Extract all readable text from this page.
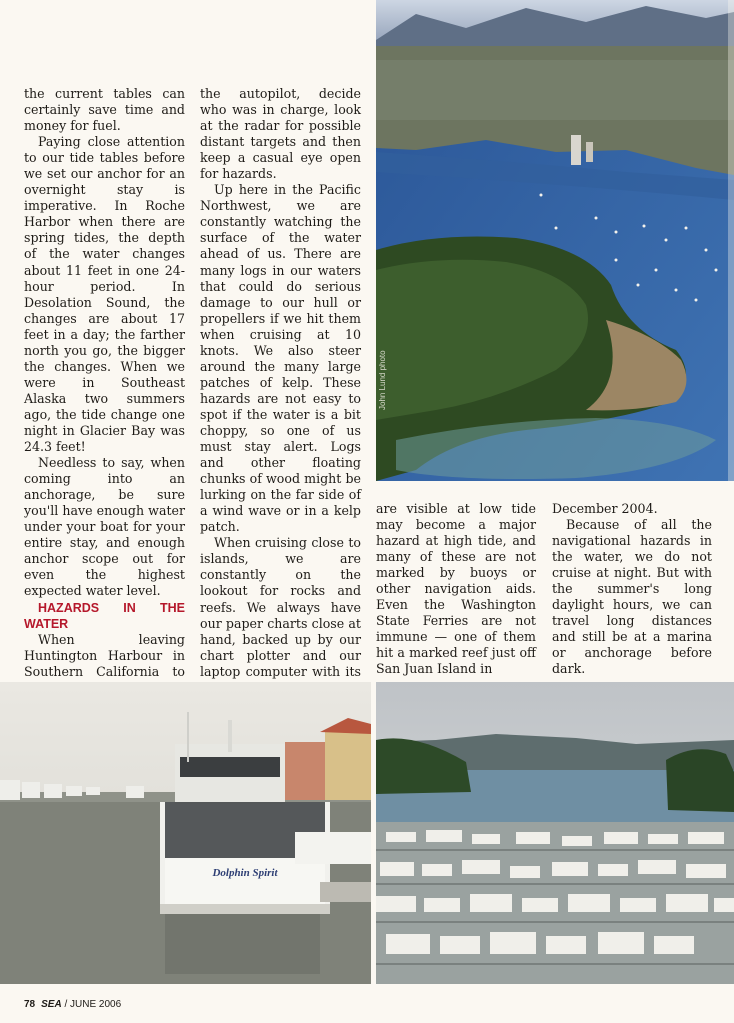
the current tables can certainly save time and money for fuel.

Paying close attention to our tide tables before we set our anchor for an overnight stay is imperative. In Roche Harbor when there are spring tides, the depth of the water changes about 11 feet in one 24-hour period. In Desolation Sound, the changes are about 17 feet in a day; the farther north you go, the bigger the changes. When we were in Southeast Alaska two summers ago, the tide change one night in Glacier Bay was 24.3 feet!

Needless to say, when coming into an anchorage, be sure you'll have enough water under your boat for your entire stay, and enough anchor scope out for even the highest expected water level.

HAZARDS IN THE WATER

When leaving Huntington Harbour in Southern California to

the autopilot, decide who was in charge, look at the radar for possible distant targets and then keep a casual eye open for hazards.

Up here in the Pacific Northwest, we are constantly watching the surface of the water ahead of us. There are many logs in our waters that could do serious damage to our hull or propellers if we hit them when cruising at 10 knots. We also steer around the many large patches of kelp. These hazards are not easy to spot if the water is a bit choppy, so one of us must stay alert. Logs and other floating chunks of wood might be lurking on the far side of a wind wave or in a kelp patch.

When cruising close to islands, we are constantly on the lookout for rocks and reefs. We always have our paper charts close at hand, backed up by our chart plotter and our laptop computer with its

are visible at low tide may become a major hazard at high tide, and many of these are not marked by buoys or other navigation aids. Even the Washington State Ferries are not immune — one of them hit a marked reef just off San Juan Island in

December 2004.

Because of all the navigational hazards in the water, we do not cruise at night. But with the summer's long daylight hours, we can travel long distances and still be at a marina or anchorage before dark.

John Lund photo
Dolphin Spirit
78 SEA / JUNE 2006
